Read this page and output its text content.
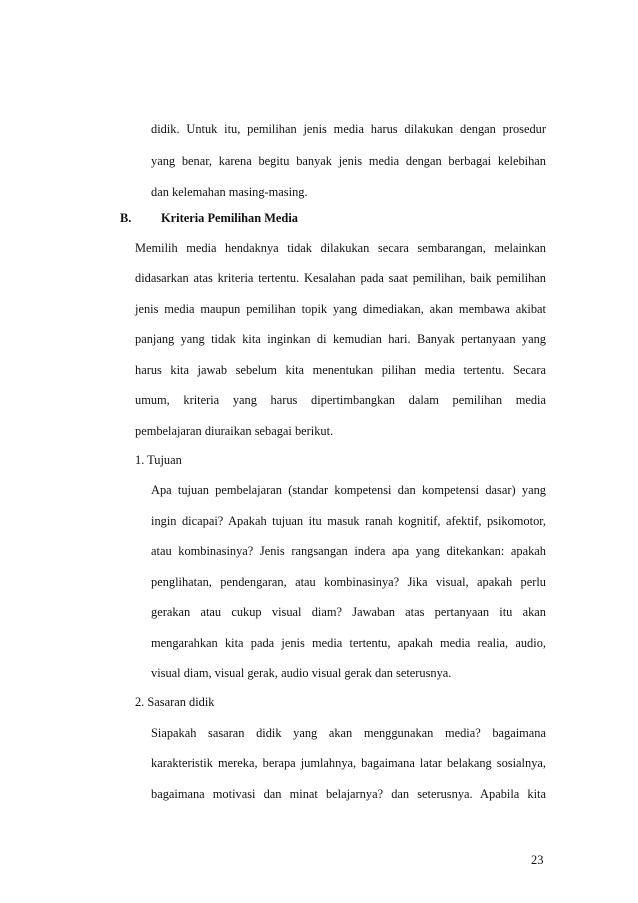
didik. Untuk itu, pemilihan jenis media harus dilakukan dengan prosedur
yang benar, karena begitu banyak jenis media dengan berbagai kelebihan
dan kelemahan masing-masing.
B. Kriteria Pemilihan Media
Memilih media hendaknya tidak dilakukan secara sembarangan, melainkan
didasarkan atas kriteria tertentu. Kesalahan pada saat pemilihan, baik pemilihan
jenis media maupun pemilihan topik yang dimediakan, akan membawa akibat
panjang yang tidak kita inginkan di kemudian hari. Banyak pertanyaan yang
harus kita jawab sebelum kita menentukan pilihan media tertentu. Secara
umum, kriteria yang harus dipertimbangkan dalam pemilihan media
pembelajaran diuraikan sebagai berikut.
1. Tujuan
Apa tujuan pembelajaran (standar kompetensi dan kompetensi dasar) yang
ingin dicapai? Apakah tujuan itu masuk ranah kognitif, afektif, psikomotor,
atau kombinasinya? Jenis rangsangan indera apa yang ditekankan: apakah
penglihatan, pendengaran, atau kombinasinya? Jika visual, apakah perlu
gerakan atau cukup visual diam? Jawaban atas pertanyaan itu akan
mengarahkan kita pada jenis media tertentu, apakah media realia, audio,
visual diam, visual gerak, audio visual gerak dan seterusnya.
2. Sasaran didik
Siapakah sasaran didik yang akan menggunakan media? bagaimana
karakteristik mereka, berapa jumlahnya, bagaimana latar belakang sosialnya,
bagaimana motivasi dan minat belajarnya? dan seterusnya. Apabila kita
23
